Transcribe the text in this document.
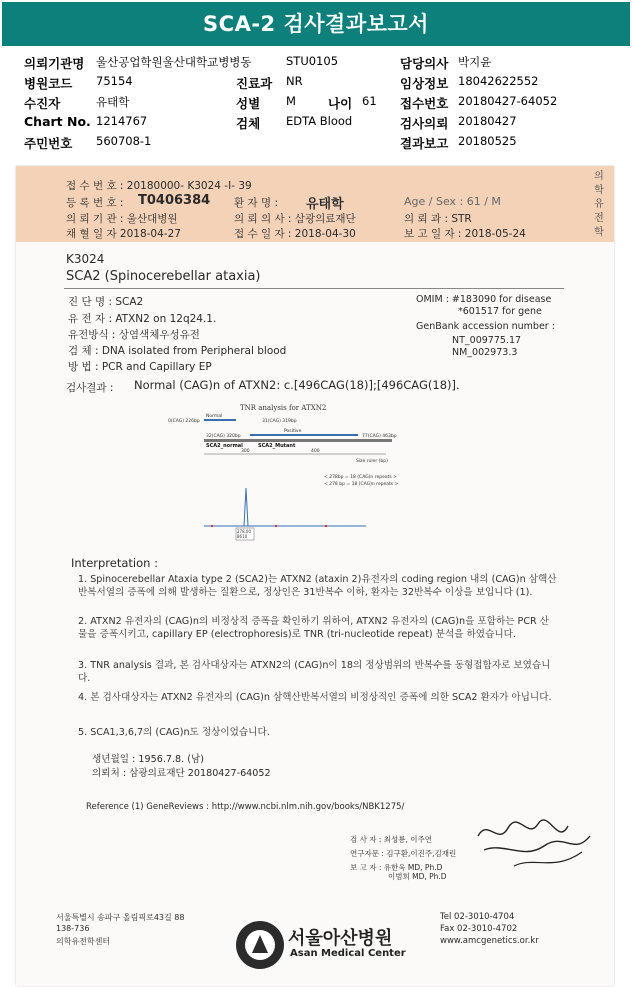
SCA-2 검사결과보고서
의뢰기관명 울산공업학원울산대학교병병동	STU0105	담당의사 박지윤
병원코드 75154	진료과 NR	임상정보 18042622552
수진자	유태학	성별 M	나이 61 접수번호 20180427-64052
Chart No. 1214767	검체 EDTA Blood	검사의뢰 20180427
주민번호 560708-1	결과보고 20180525
접 수 번 호 : 20180000- K3024 -I- 39
등 록 번 호 : T0406384 환 자 명 : 유태학	Age / Sex : 61 / M
의 뢰 기 관 : 울산대병원	의 뢰 의 사 : 삼광의료재단	의 뢰 과 : STR
채 혈 일 자 2018-04-27	접 수 일 자 : 2018-04-30	보 고 일 자 : 2018-05-24
의학유전학
K3024
SCA2 (Spinocerebellar ataxia)
진 단 명 : SCA2
유 전 자 : ATXN2 on 12q24.1.
유전방식 : 상염색체우성유전
검 체 : DNA isolated from Peripheral blood
방 법 : PCR and Capillary EP
OMIM : #183090 for disease
*601517 for gene
GenBank accession number :
NT_009775.17
NM_002973.3
검사결과 : Normal (CAG)n of ATXN2: c.[496CAG(18)];[496CAG(18)].
TNR analysis for ATXN2
0(CAG) 226bp
Normal
31(CAG) 319bp
32(CAG) 320bp
Positive
77(CAG) 463bp
SCA2_normal	SCA2_Mutant
300	400
Size ruler (bp)
< 278bp = 18 (CAG)n repeats >
< 278 bp = 18 (CAG)n repeats >
278.00
8610
Interpretation :
1. Spinocerebellar Ataxia type 2 (SCA2)는 ATXN2 (ataxin 2)유전자의 coding region 내의 (CAG)n 삼핵산 반복서열의 증폭에 의해 발생하는 질환으로, 정상인은 31반복수 이하, 환자는 32반복수 이상을 보입니다 (1).
2. ATXN2 유전자의 (CAG)n의 비정상적 증폭을 확인하기 위하여, ATXN2 유전자의 (CAG)n을 포함하는 PCR 산물을 증폭시키고, capillary EP (electrophoresis)로 TNR (tri-nucleotide repeat) 분석을 하였습니다.
3. TNR analysis 결과, 본 검사대상자는 ATXN2의 (CAG)n이 18의 정상범위의 반복수를 동형접합자로 보였습니다.
4. 본 검사대상자는 ATXN2 유전자의 (CAG)n 삼핵산반복서열의 비정상적인 증폭에 의한 SCA2 환자가 아닙니다.
5. SCA1,3,6,7의 (CAG)n도 정상이었습니다.
생년월일 : 1956.7.8. (남)
의뢰처 : 삼광의료재단 20180427-64052
Reference (1) GeneReviews : http://www.ncbi.nlm.nih.gov/books/NBK1275/
검 사 자 : 최성룡, 이주연
연구자문 : 김구환,이진주,김재린
보 고 자 : 유한욱 MD, Ph.D
이범희 MD, Ph.D
서울특별시 송파구 올림픽로43길 88
138-736
의학유전학센터
Tel 02-3010-4704
Fax 02-3010-4702
www.amcgenetics.or.kr
서울아산병원
Asan Medical Center
